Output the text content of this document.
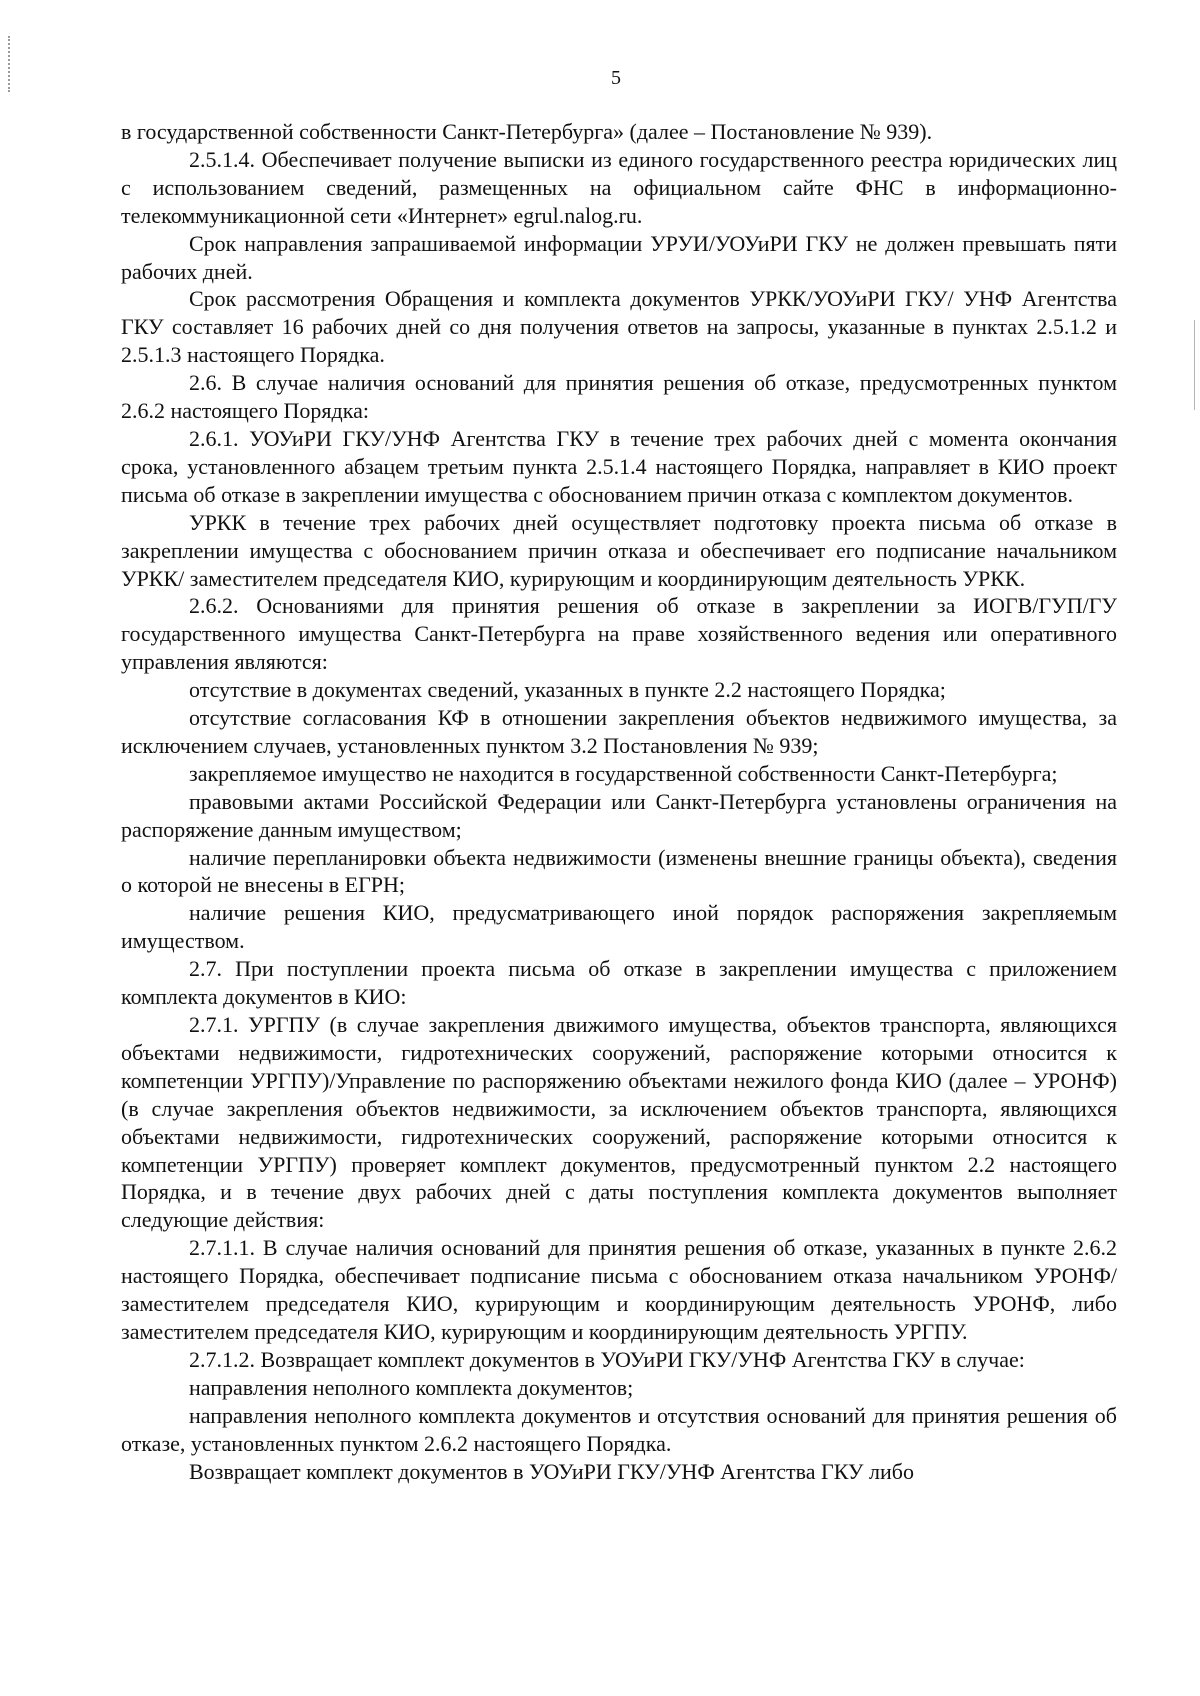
5

в государственной собственности Санкт-Петербурга» (далее – Постановление № 939).

2.5.1.4. Обеспечивает получение выписки из единого государственного реестра юридических лиц с использованием сведений, размещенных на официальном сайте ФНС в информационно-телекоммуникационной сети «Интернет» egrul.nalog.ru.

Срок направления запрашиваемой информации УРУИ/УОУиРИ ГКУ не должен превышать пяти рабочих дней.

Срок рассмотрения Обращения и комплекта документов УРКК/УОУиРИ ГКУ/ УНФ Агентства ГКУ составляет 16 рабочих дней со дня получения ответов на запросы, указанные в пунктах 2.5.1.2 и 2.5.1.3 настоящего Порядка.

2.6. В случае наличия оснований для принятия решения об отказе, предусмотренных пунктом 2.6.2 настоящего Порядка:

2.6.1. УОУиРИ ГКУ/УНФ Агентства ГКУ в течение трех рабочих дней с момента окончания срока, установленного абзацем третьим пункта 2.5.1.4 настоящего Порядка, направляет в КИО проект письма об отказе в закреплении имущества с обоснованием причин отказа с комплектом документов.

УРКК в течение трех рабочих дней осуществляет подготовку проекта письма об отказе в закреплении имущества с обоснованием причин отказа и обеспечивает его подписание начальником УРКК/ заместителем председателя КИО, курирующим и координирующим деятельность УРКК.

2.6.2. Основаниями для принятия решения об отказе в закреплении за ИОГВ/ГУП/ГУ государственного имущества Санкт-Петербурга на праве хозяйственного ведения или оперативного управления являются:

отсутствие в документах сведений, указанных в пункте 2.2 настоящего Порядка;

отсутствие согласования КФ в отношении закрепления объектов недвижимого имущества, за исключением случаев, установленных пунктом 3.2 Постановления № 939;

закрепляемое имущество не находится в государственной собственности Санкт-Петербурга;

правовыми актами Российской Федерации или Санкт-Петербурга установлены ограничения на распоряжение данным имуществом;

наличие перепланировки объекта недвижимости (изменены внешние границы объекта), сведения о которой не внесены в ЕГРН;

наличие решения КИО, предусматривающего иной порядок распоряжения закрепляемым имуществом.

2.7. При поступлении проекта письма об отказе в закреплении имущества с приложением комплекта документов в КИО:

2.7.1. УРГПУ (в случае закрепления движимого имущества, объектов транспорта, являющихся объектами недвижимости, гидротехнических сооружений, распоряжение которыми относится к компетенции УРГПУ)/Управление по распоряжению объектами нежилого фонда КИО (далее – УРОНФ) (в случае закрепления объектов недвижимости, за исключением объектов транспорта, являющихся объектами недвижимости, гидротехнических сооружений, распоряжение которыми относится к компетенции УРГПУ) проверяет комплект документов, предусмотренный пунктом 2.2 настоящего Порядка, и в течение двух рабочих дней с даты поступления комплекта документов выполняет следующие действия:

2.7.1.1. В случае наличия оснований для принятия решения об отказе, указанных в пункте 2.6.2 настоящего Порядка, обеспечивает подписание письма с обоснованием отказа начальником УРОНФ/заместителем председателя КИО, курирующим и координирующим деятельность УРОНФ, либо заместителем председателя КИО, курирующим и координирующим деятельность УРГПУ.

2.7.1.2. Возвращает комплект документов в УОУиРИ ГКУ/УНФ Агентства ГКУ в случае:

направления неполного комплекта документов;

направления неполного комплекта документов и отсутствия оснований для принятия решения об отказе, установленных пунктом 2.6.2 настоящего Порядка.

Возвращает комплект документов в УОУиРИ ГКУ/УНФ Агентства ГКУ либо
